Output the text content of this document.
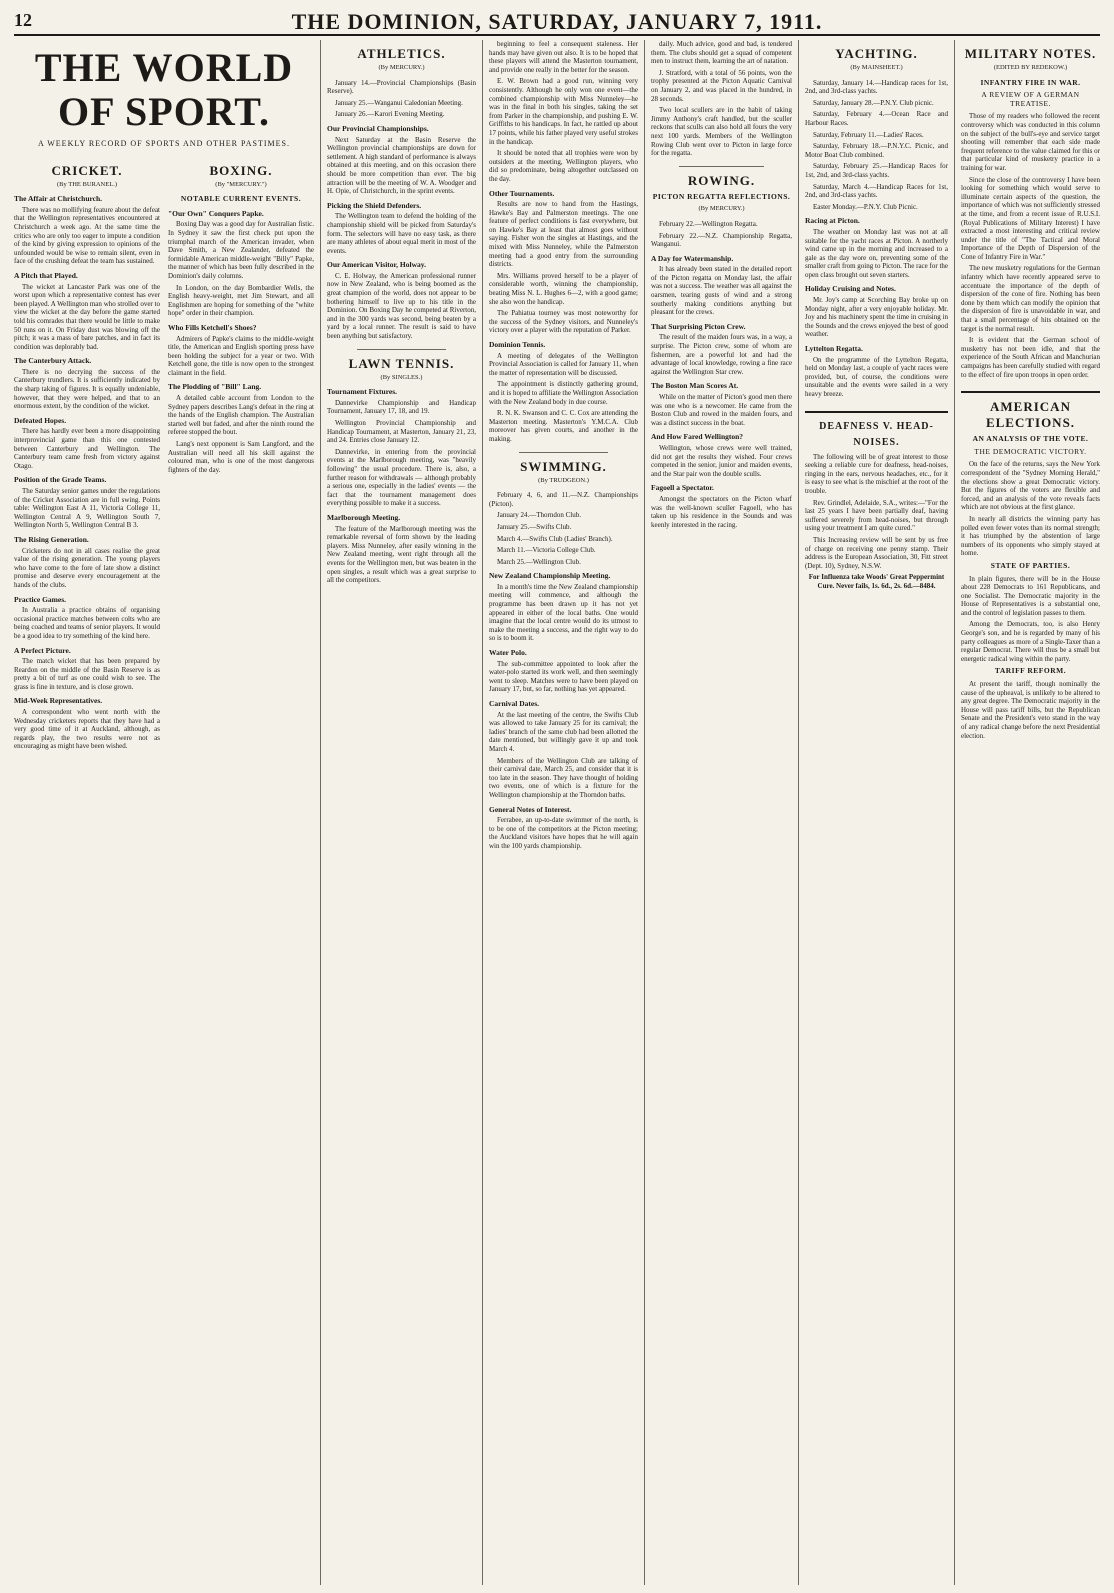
12	THE DOMINION, SATURDAY, JANUARY 7, 1911.
THE WORLD OF SPORT.
A WEEKLY RECORD OF SPORTS AND OTHER PASTIMES.
CRICKET.
(By THE BURANEL.)
The Affair at Christchurch.

There was no mollifying feature about the defeat that the Wellington representatives encountered at Christchurch a week ago. At the same time the critics who are only too eager to impute a condition of the kind by giving expression to opinions of the unfounded would be wise to remain silent, even in face of the crushing defeat the team has sustained.

A Pitch that Played.

The wicket at Lancaster Park was one of the worst upon which a representative contest has ever been played. A Wellington man who strolled over to view the wicket at the day before the game started told his comrades that there would be little to make 50 runs on it. On Friday dust was blowing off the pitch; it was a mass of bare patches, and in fact its condition was deplorably bad.

The Canterbury Attack.

There is no decrying the success of the Canterbury trundlers. It is sufficiently indicated by the sharp taking of figures. It is equally undeniable, however, that they were helped, and that to an enormous extent, by the condition of the wicket.

Defeated Hopes.

There has hardly ever been a more disappointing interprovincial game than this one contested between Canterbury and Wellington. The Canterbury team came fresh from victory against Otago.

Position of the Grade Teams.

The Saturday senior games under the regulations of the Cricket Association are in full swing. Points table: Wellington East A 11, Victoria College 11, Wellington Central A 9, Wellington South 7, Wellington North 5, Wellington Central B 3.

The Rising Generation.

Cricketers do not in all cases realise the great value of the rising generation. The young players who have come to the fore of late show a distinct promise and deserve every encouragement at the hands of the clubs.

Practice Games.

In Australia a practice obtains of organising occasional practice matches between colts who are being coached and teams of senior players. It would be a good idea to try something of the kind here.

A Perfect Picture.

The match wicket that has been prepared by Reardon on the middle of the Basin Reserve is as pretty a bit of turf as one could wish to see. The grass is fine in texture, and is close grown.

Mid-Week Representatives.

A correspondent who went north with the Wednesday cricketers reports that they have had a very good time of it at Auckland, although, as regards play, the two results were not as encouraging as might have been wished.

BOXING.
(By "MERCURY.")
NOTABLE CURRENT EVENTS.
"Our Own" Conquers Papke.

Boxing Day was a good day for Australian fistic. In Sydney it saw the first check put upon the triumphal march of the American invader, when Dave Smith, a New Zealander, defeated the formidable American middle-weight "Billy" Papke, the manner of which has been fully described in the Dominion's daily columns.

In London, on the day Bombardier Wells, the English heavy-weight, met Jim Stewart, and all Englishmen are hoping for something of the "white hope" order in their champion.

Who Fills Ketchell's Shoes?

Admirers of Papke's claims to the middle-weight title, the American and English sporting press have been holding the subject for a year or two. With Ketchell gone, the title is now open to the strongest claimant in the field.

The Plodding of "Bill" Lang.

A detailed cable account from London to the Sydney papers describes Lang's defeat in the ring at the hands of the English champion. The Australian started well but faded, and after the ninth round the referee stopped the bout.

Lang's next opponent is Sam Langford, and the Australian will need all his skill against the coloured man, who is one of the most dangerous fighters of the day.

ATHLETICS.
(By MERCURY.)

January 14.—Provincial Championships (Basin Reserve).

January 25.—Wanganui Caledonian Meeting.

January 26.—Karori Evening Meeting.

Our Provincial Championships.

Next Saturday at the Basin Reserve the Wellington provincial championships are down for settlement. A high standard of performance is always obtained at this meeting, and on this occasion there should be more competition than ever. The big attraction will be the meeting of W. A. Woodger and H. Opie, of Christchurch, in the sprint events.

Picking the Shield Defenders.

The Wellington team to defend the holding of the championship shield will be picked from Saturday's form. The selectors will have no easy task, as there are many athletes of about equal merit in most of the events.

Our American Visitor, Holway.

C. E. Holway, the American professional runner now in New Zealand, who is being boomed as the great champion of the world, does not appear to be bothering himself to live up to his title in the Dominion. On Boxing Day he competed at Riverton, and in the 300 yards was second, being beaten by a yard by a local runner. The result is said to have been anything but satisfactory.

LAWN TENNIS.
(By SINGLES.)
Tournament Fixtures.

Dannevirke Championship and Handicap Tournament, January 17, 18, and 19.

Wellington Provincial Championship and Handicap Tournament, at Masterton, January 21, 23, and 24. Entries close January 12.

Dannevirke, in entering from the provincial events at the Marlborough meeting, was "heavily following" the usual procedure. There is, also, a further reason for withdrawals — although probably a serious one, especially in the ladies' events — the fact that the tournament management does everything possible to make it a success.

Marlborough Meeting.

The feature of the Marlborough meeting was the remarkable reversal of form shown by the leading players. Miss Nunneley, after easily winning in the New Zealand meeting, went right through all the events for the Wellington men, but was beaten in the open singles, a result which was a great surprise to all the competitors.

beginning to feel a consequent staleness. Her hands may have given out also. It is to be hoped that these players will attend the Masterton tournament, and provide one really in the better for the season.

E. W. Brown had a good run, winning very consistently. Although he only won one event—the combined championship with Miss Nunneley—he was in the final in both his singles, taking the set from Parker in the championship, and pushing E. W. Griffiths to his handicaps. In fact, he rattled up about 17 points, while his father played very useful strokes in the handicap.

It should be noted that all trophies were won by outsiders at the meeting, Wellington players, who did so predominate, being altogether outclassed on the day.

Other Tournaments.

Results are now to hand from the Hastings, Hawke's Bay and Palmerston meetings. The one feature of perfect conditions is fast everywhere, but on Hawke's Bay at least that almost goes without saying. Fisher won the singles at Hastings, and the mixed with Miss Nunneley, while the Palmerston meeting had a good entry from the surrounding districts.

Mrs. Williams proved herself to be a player of considerable worth, winning the championship, beating Miss N. L. Hughes 6—2, with a good game; she also won the handicap.

The Pahiatua tourney was most noteworthy for the success of the Sydney visitors, and Nunneley's victory over a player with the reputation of Parker.

Dominion Tennis.

A meeting of delegates of the Wellington Provincial Association is called for January 11, when the matter of representation will be discussed.

The appointment is distinctly gathering ground, and it is hoped to affiliate the Wellington Association with the New Zealand body in due course.

R. N. K. Swanson and C. C. Cox are attending the Masterton meeting. Masterton's Y.M.C.A. Club moreover has given courts, and another in the making.

SWIMMING.
(By TRUDGEON.)

February 4, 6, and 11.—N.Z. Championships (Picton).

January 24.—Thorndon Club.

January 25.—Swifts Club.

March 4.—Swifts Club (Ladies' Branch).

March 11.—Victoria College Club.

March 25.—Wellington Club.

New Zealand Championship Meeting.

In a month's time the New Zealand championship meeting will commence, and although the programme has been drawn up it has not yet appeared in either of the local baths. One would imagine that the local centre would do its utmost to make the meeting a success, and the right way to do so is to boom it.

Water Polo.

The sub-committee appointed to look after the water-polo started its work well, and then seemingly went to sleep. Matches were to have been played on January 17, but, so far, nothing has yet appeared.

Carnival Dates.

At the last meeting of the centre, the Swifts Club was allowed to take January 25 for its carnival; the ladies' branch of the same club had been allotted the date mentioned, but willingly gave it up and took March 4.

Members of the Wellington Club are talking of their carnival date, March 25, and consider that it is too late in the season. They have thought of holding two events, one of which is a fixture for the Wellington championship at the Thorndon baths.

General Notes of Interest.

Ferrabee, an up-to-date swimmer of the north, is to be one of the competitors at the Picton meeting; the Auckland visitors have hopes that he will again win the 100 yards championship.

daily. Much advice, good and bad, is tendered them. The clubs should get a squad of competent men to instruct them, learning the art of natation.

J. Stratford, with a total of 56 points, won the trophy presented at the Picton Aquatic Carnival on January 2, and was placed in the hundred, in 28 seconds.

Two local scullers are in the habit of taking Jimmy Anthony's craft handled, but the sculler reckons that sculls can also hold all fours the very next 100 yards. Members of the Wellington Rowing Club went over to Picton in large force for the regatta.

ROWING.
PICTON REGATTA REFLECTIONS.
(By MERCURY.)

February 22.—Wellington Regatta.

February 22.—N.Z. Championship Regatta, Wanganui.

A Day for Watermanship.

It has already been stated in the detailed report of the Picton regatta on Monday last, the affair was not a success. The weather was all against the oarsmen, tearing gusts of wind and a strong southerly making conditions anything but pleasant for the crews.

That Surprising Picton Crew.

The result of the maiden fours was, in a way, a surprise. The Picton crew, some of whom are fishermen, are a powerful lot and had the advantage of local knowledge, rowing a fine race against the Wellington Star crew.

The Boston Man Scores At.

While on the matter of Picton's good men there was one who is a newcomer. He came from the Boston Club and rowed in the maiden fours, and was a distinct success in the boat.

And How Fared Wellington?

Wellington, whose crews were well trained, did not get the results they wished. Four crews competed in the senior, junior and maiden events, and the Star pair won the double sculls.

Fagoell a Spectator.

Amongst the spectators on the Picton wharf was the well-known sculler Fagoell, who has taken up his residence in the Sounds and was keenly interested in the racing.

YACHTING.
(By MAINSHEET.)

Saturday, January 14.—Handicap races for 1st, 2nd, and 3rd-class yachts.

Saturday, January 28.—P.N.Y. Club picnic.

Saturday, February 4.—Ocean Race and Harbour Races.

Saturday, February 11.—Ladies' Races.

Saturday, February 18.—P.N.Y.C. Picnic, and Motor Boat Club combined.

Saturday, February 25.—Handicap Races for 1st, 2nd, and 3rd-class yachts.

Saturday, March 4.—Handicap Races for 1st, 2nd, and 3rd-class yachts.

Easter Monday.—P.N.Y. Club Picnic.

Racing at Picton.

The weather on Monday last was not at all suitable for the yacht races at Picton. A northerly wind came up in the morning and increased to a gale as the day wore on, preventing some of the smaller craft from going to Picton. The race for the open class brought out seven starters.

Holiday Cruising and Notes.

Mr. Joy's camp at Scorching Bay broke up on Monday night, after a very enjoyable holiday. Mr. Joy and his machinery spent the time in cruising in the Sounds and the crews enjoyed the best of good weather.

Lyttelton Regatta.

On the programme of the Lyttelton Regatta, held on Monday last, a couple of yacht races were provided, but, of course, the conditions were unsuitable and the events were sailed in a very heavy breeze.

DEAFNESS V. HEAD-NOISES.

The following will be of great interest to those seeking a reliable cure for deafness, head-noises, ringing in the ears, nervous headaches, etc., for it is easy to see what is the mischief at the root of the trouble.

Rev. Grindlel, Adelaide, S.A., writes:—"For the last 25 years I have been partially deaf, having suffered severely from head-noises, but through using your treatment I am quite cured."

This Increasing review will be sent by us free of charge on receiving one penny stamp. Their address is the European Association, 30, Fitt street (Dept. 10), Sydney, N.S.W.

For Influenza take Woods' Great Peppermint Cure. Never fails, 1s. 6d., 2s. 6d.—8484.

MILITARY NOTES.
(EDITED BY REDEKOW.)
INFANTRY FIRE IN WAR.
A REVIEW OF A GERMAN TREATISE.

Those of my readers who followed the recent controversy which was conducted in this column on the subject of the bull's-eye and service target shooting will remember that each side made frequent reference to the value claimed for this or that particular kind of musketry practice in a training for war.

Since the close of the controversy I have been looking for something which would serve to illuminate certain aspects of the question, the importance of which was not sufficiently stressed at the time, and from a recent issue of R.U.S.I. (Royal Publications of Military Interest) I have extracted a most interesting and critical review under the title of "The Tactical and Moral Importance of the Depth of Dispersion of the Cone of Infantry Fire in War."

The new musketry regulations for the German infantry which have recently appeared serve to accentuate the importance of the depth of dispersion of the cone of fire. Nothing has been done by them which can modify the opinion that the dispersion of fire is unavoidable in war, and that a small percentage of hits obtained on the target is the normal result.

It is evident that the German school of musketry has not been idle, and that the experience of the South African and Manchurian campaigns has been carefully studied with regard to the effect of fire upon troops in open order.

AMERICAN ELECTIONS.
AN ANALYSIS OF THE VOTE.
THE DEMOCRATIC VICTORY.

On the face of the returns, says the New York correspondent of the "Sydney Morning Herald," the elections show a great Democratic victory. But the figures of the voters are flexible and forced, and an analysis of the vote reveals facts which are not obvious at the first glance.

In nearly all districts the winning party has polled even fewer votes than its normal strength; it has triumphed by the abstention of large numbers of its opponents who simply stayed at home.

STATE OF PARTIES.

In plain figures, there will be in the House about 228 Democrats to 161 Republicans, and one Socialist. The Democratic majority in the House of Representatives is a substantial one, and the control of legislation passes to them.

Among the Democrats, too, is also Henry George's son, and he is regarded by many of his party colleagues as more of a Single-Taxer than a regular Democrat. There will thus be a small but energetic radical wing within the party.

TARIFF REFORM.

At present the tariff, though nominally the cause of the upheaval, is unlikely to be altered to any great degree. The Democratic majority in the House will pass tariff bills, but the Republican Senate and the President's veto stand in the way of any radical change before the next Presidential election.
